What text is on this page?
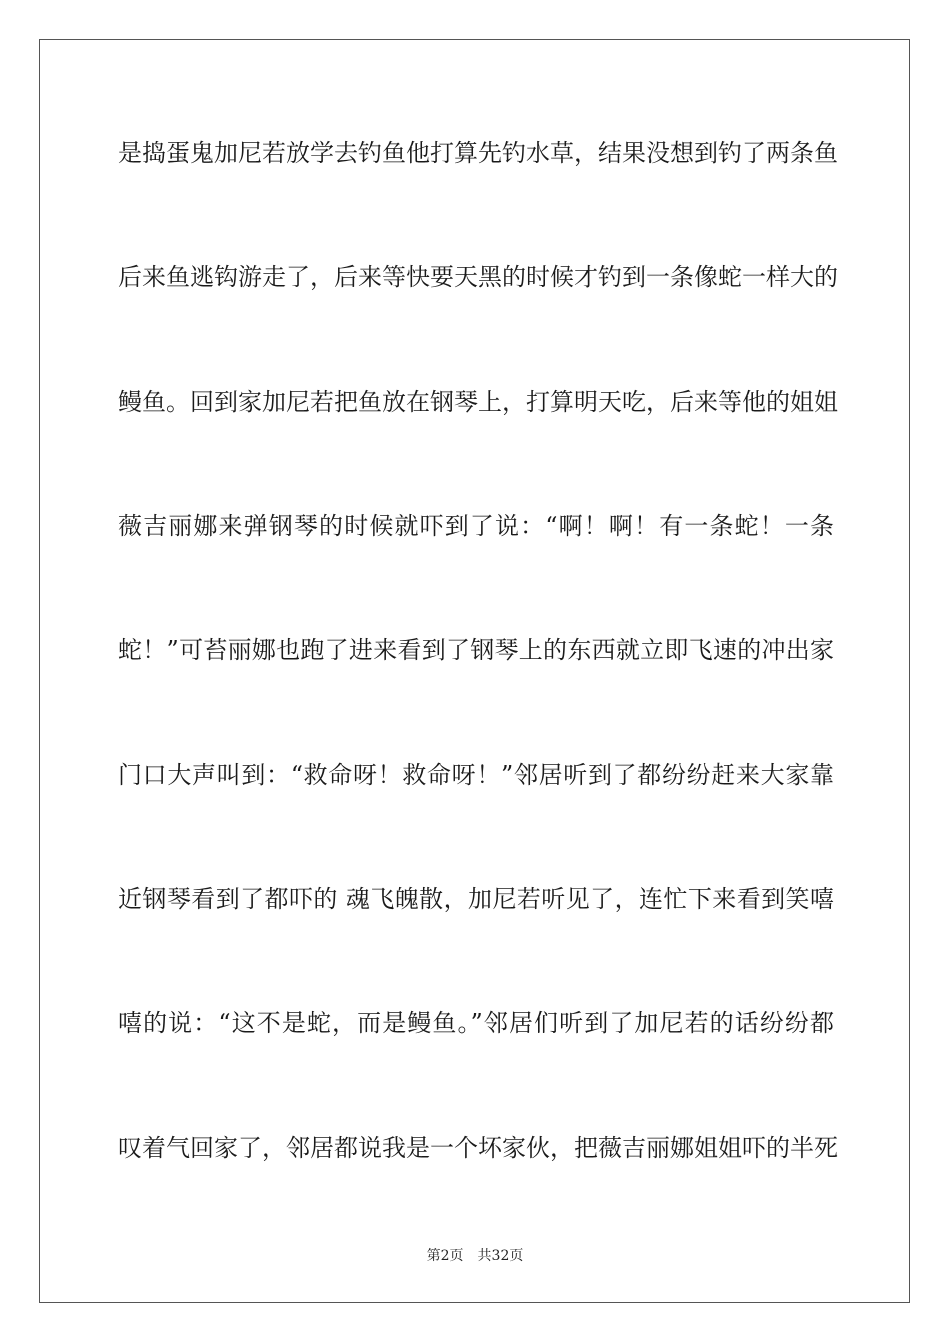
是捣蛋鬼加尼若放学去钓鱼他打算先钓水草，结果没想到钓了两条鱼
后来鱼逃钩游走了，后来等快要天黑的时候才钓到一条像蛇一样大的
鳗鱼。回到家加尼若把鱼放在钢琴上，打算明天吃，后来等他的姐姐
薇吉丽娜来弹钢琴的时候就吓到了说：“啊！啊！有一条蛇！一条
蛇！”可苔丽娜也跑了进来看到了钢琴上的东西就立即飞速的冲出家
门口大声叫到：“救命呀！救命呀！”邻居听到了都纷纷赶来大家靠
近钢琴看到了都吓的 魂飞魄散，加尼若听见了，连忙下来看到笑嘻
嘻的说：“这不是蛇，而是鳗鱼。”邻居们听到了加尼若的话纷纷都
叹着气回家了，邻居都说我是一个坏家伙，把薇吉丽娜姐姐吓的半死
第2页 共32页
